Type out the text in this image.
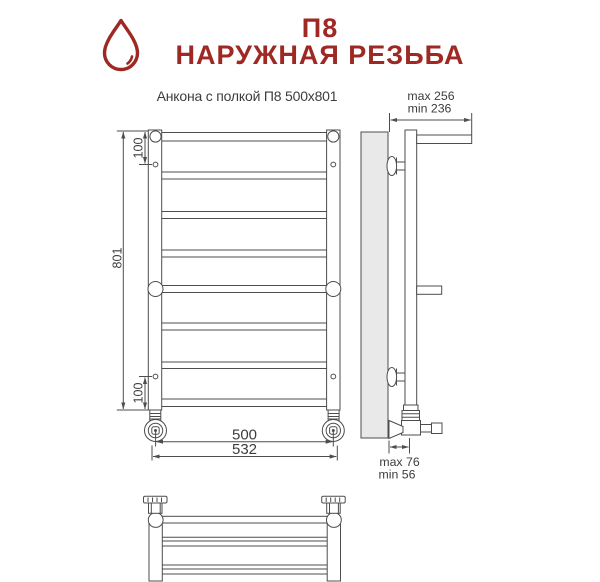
П8
НАРУЖНАЯ РЕЗЬБА
Анкона с полкой П8 500x801
801
100
100
500
532
max 256
min 236
max 76
min 56
